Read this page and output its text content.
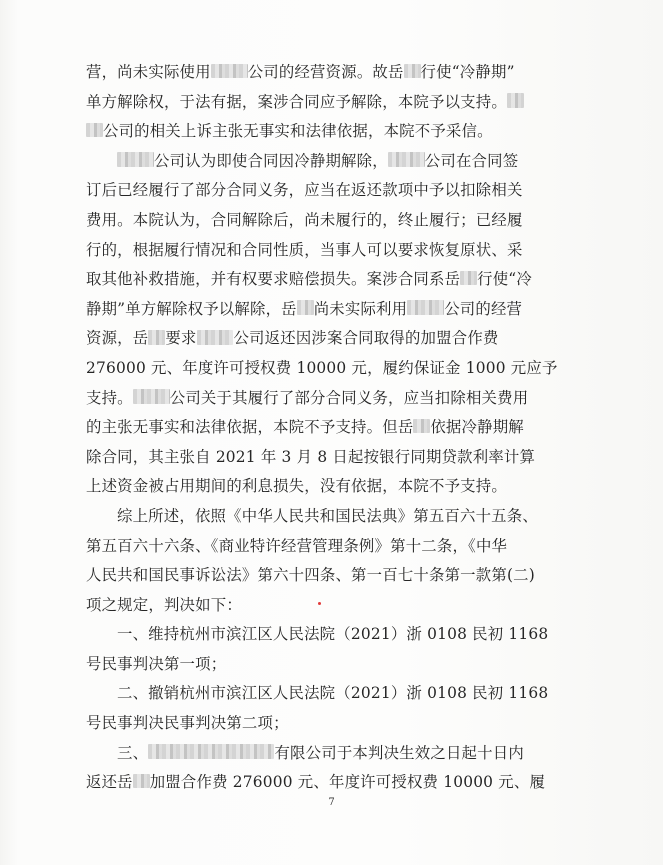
营，尚未实际使用 公司的经营资源。故岳 行使“冷静期”
单方解除权，于法有据，案涉合同应予解除，本院予以支持。
公司的相关上诉主张无事实和法律依据，本院不予采信。
公司认为即使合同因冷静期解除， 公司在合同签
订后已经履行了部分合同义务，应当在返还款项中予以扣除相关
费用。本院认为，合同解除后，尚未履行的，终止履行；已经履
行的，根据履行情况和合同性质，当事人可以要求恢复原状、采
取其他补救措施，并有权要求赔偿损失。案涉合同系岳 行使“冷
静期”单方解除权予以解除，岳 尚未实际利用 公司的经营
资源，岳 要求 公司返还因涉案合同取得的加盟合作费
276000 元、年度许可授权费 10000 元，履约保证金 1000 元应予
支持。 公司关于其履行了部分合同义务，应当扣除相关费用
的主张无事实和法律依据，本院不予支持。但岳 依据冷静期解
除合同，其主张自 2021 年 3 月 8 日起按银行同期贷款利率计算
上述资金被占用期间的利息损失，没有依据，本院不予支持。
综上所述，依照《中华人民共和国民法典》第五百六十五条、
第五百六十六条、《商业特许经营管理条例》第十二条，《中华
人民共和国民事诉讼法》第六十四条、第一百七十条第一款第(二)
项之规定，判决如下：
一、维持杭州市滨江区人民法院（2021）浙 0108 民初 1168
号民事判决第一项；
二、撤销杭州市滨江区人民法院（2021）浙 0108 民初 1168
号民事判决民事判决第二项；
三、	有限公司于本判决生效之日起十日内
返还岳 加盟合作费 276000 元、年度许可授权费 10000 元、履
7
